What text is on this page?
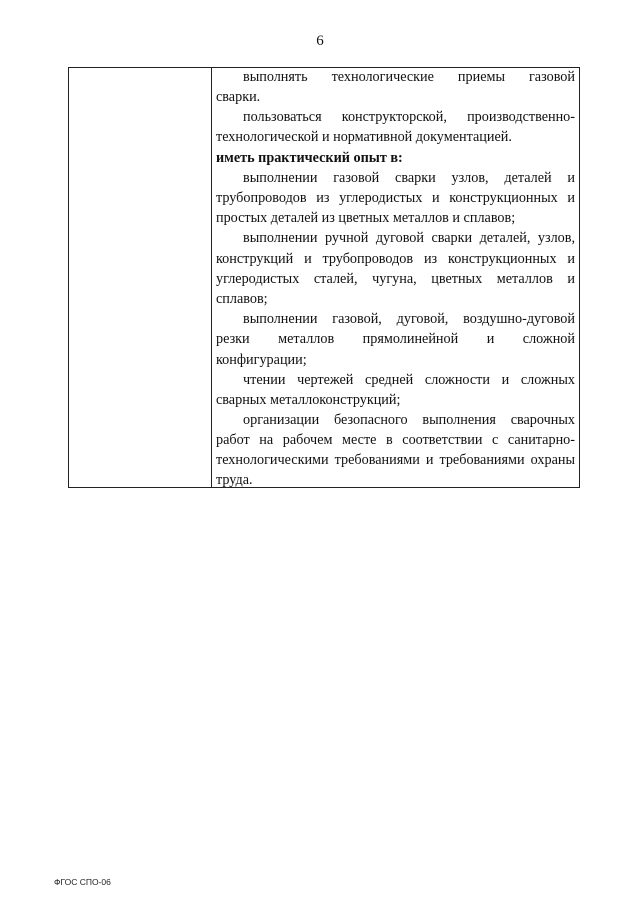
6
выполнять технологические приемы газовой
сварки.
пользоваться конструкторской, производственно-
технологической и нормативной документацией.
иметь практический опыт в:
выполнении газовой сварки узлов, деталей и
трубопроводов из углеродистых и конструкционных и
простых деталей из цветных металлов и сплавов;
выполнении ручной дуговой сварки деталей, узлов,
конструкций и трубопроводов из конструкционных и
углеродистых сталей, чугуна, цветных металлов и
сплавов;
выполнении газовой, дуговой, воздушно-дуговой
резки металлов прямолинейной и сложной
конфигурации;
чтении чертежей средней сложности и сложных
сварных металлоконструкций;
организации безопасного выполнения сварочных
работ на рабочем месте в соответствии с санитарно-
технологическими требованиями и требованиями охраны
труда.
ФГОС СПО-06
